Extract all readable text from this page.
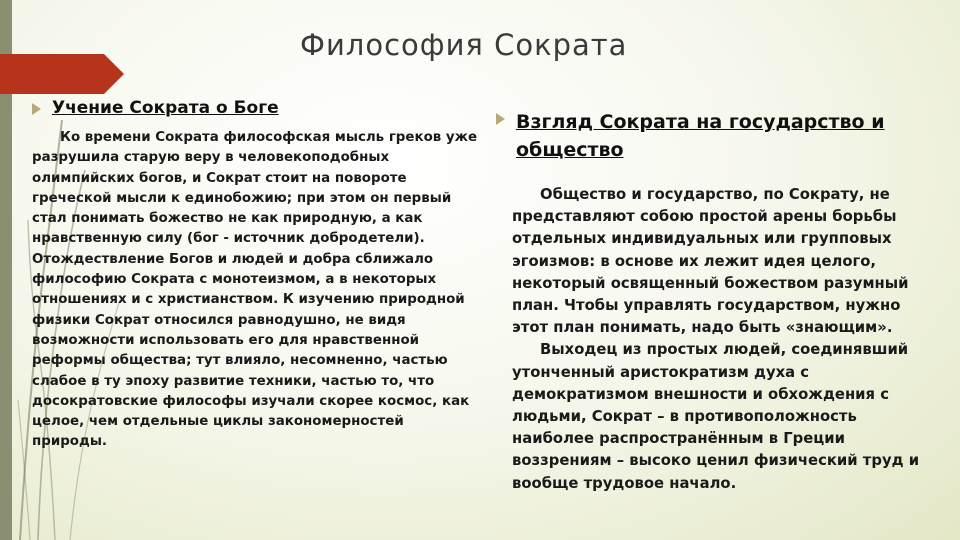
Философия Сократа
Учение Сократа о Боге
Ко времени Сократа философская мысль греков уже разрушила старую веру в человекоподобных олимпийских богов, и Сократ стоит на повороте греческой мысли к единобожию; при этом он первый стал понимать божество не как природную, а как нравственную силу (бог - источник добродетели). Отождествление Богов и людей и добра сближало философию Сократа с монотеизмом, а в некоторых отношениях и с христианством. К изучению природной физики Сократ относился равнодушно, не видя возможности использовать его для нравственной реформы общества; тут влияло, несомненно, частью слабое в ту эпоху развитие техники, частью то, что досократовские философы изучали скорее космос, как целое, чем отдельные циклы закономерностей природы.
Взгляд Сократа на государство и общество
Общество и государство, по Сократу, не представляют собою простой арены борьбы отдельных индивидуальных или групповых эгоизмов: в основе их лежит идея целого, некоторый освященный божеством разумный план. Чтобы управлять государством, нужно этот план понимать, надо быть «знающим».
Выходец из простых людей, соединявший утонченный аристократизм духа с демократизмом внешности и обхождения с людьми, Сократ – в противоположность наиболее распространённым в Греции воззрениям – высоко ценил физический труд и вообще трудовое начало.
